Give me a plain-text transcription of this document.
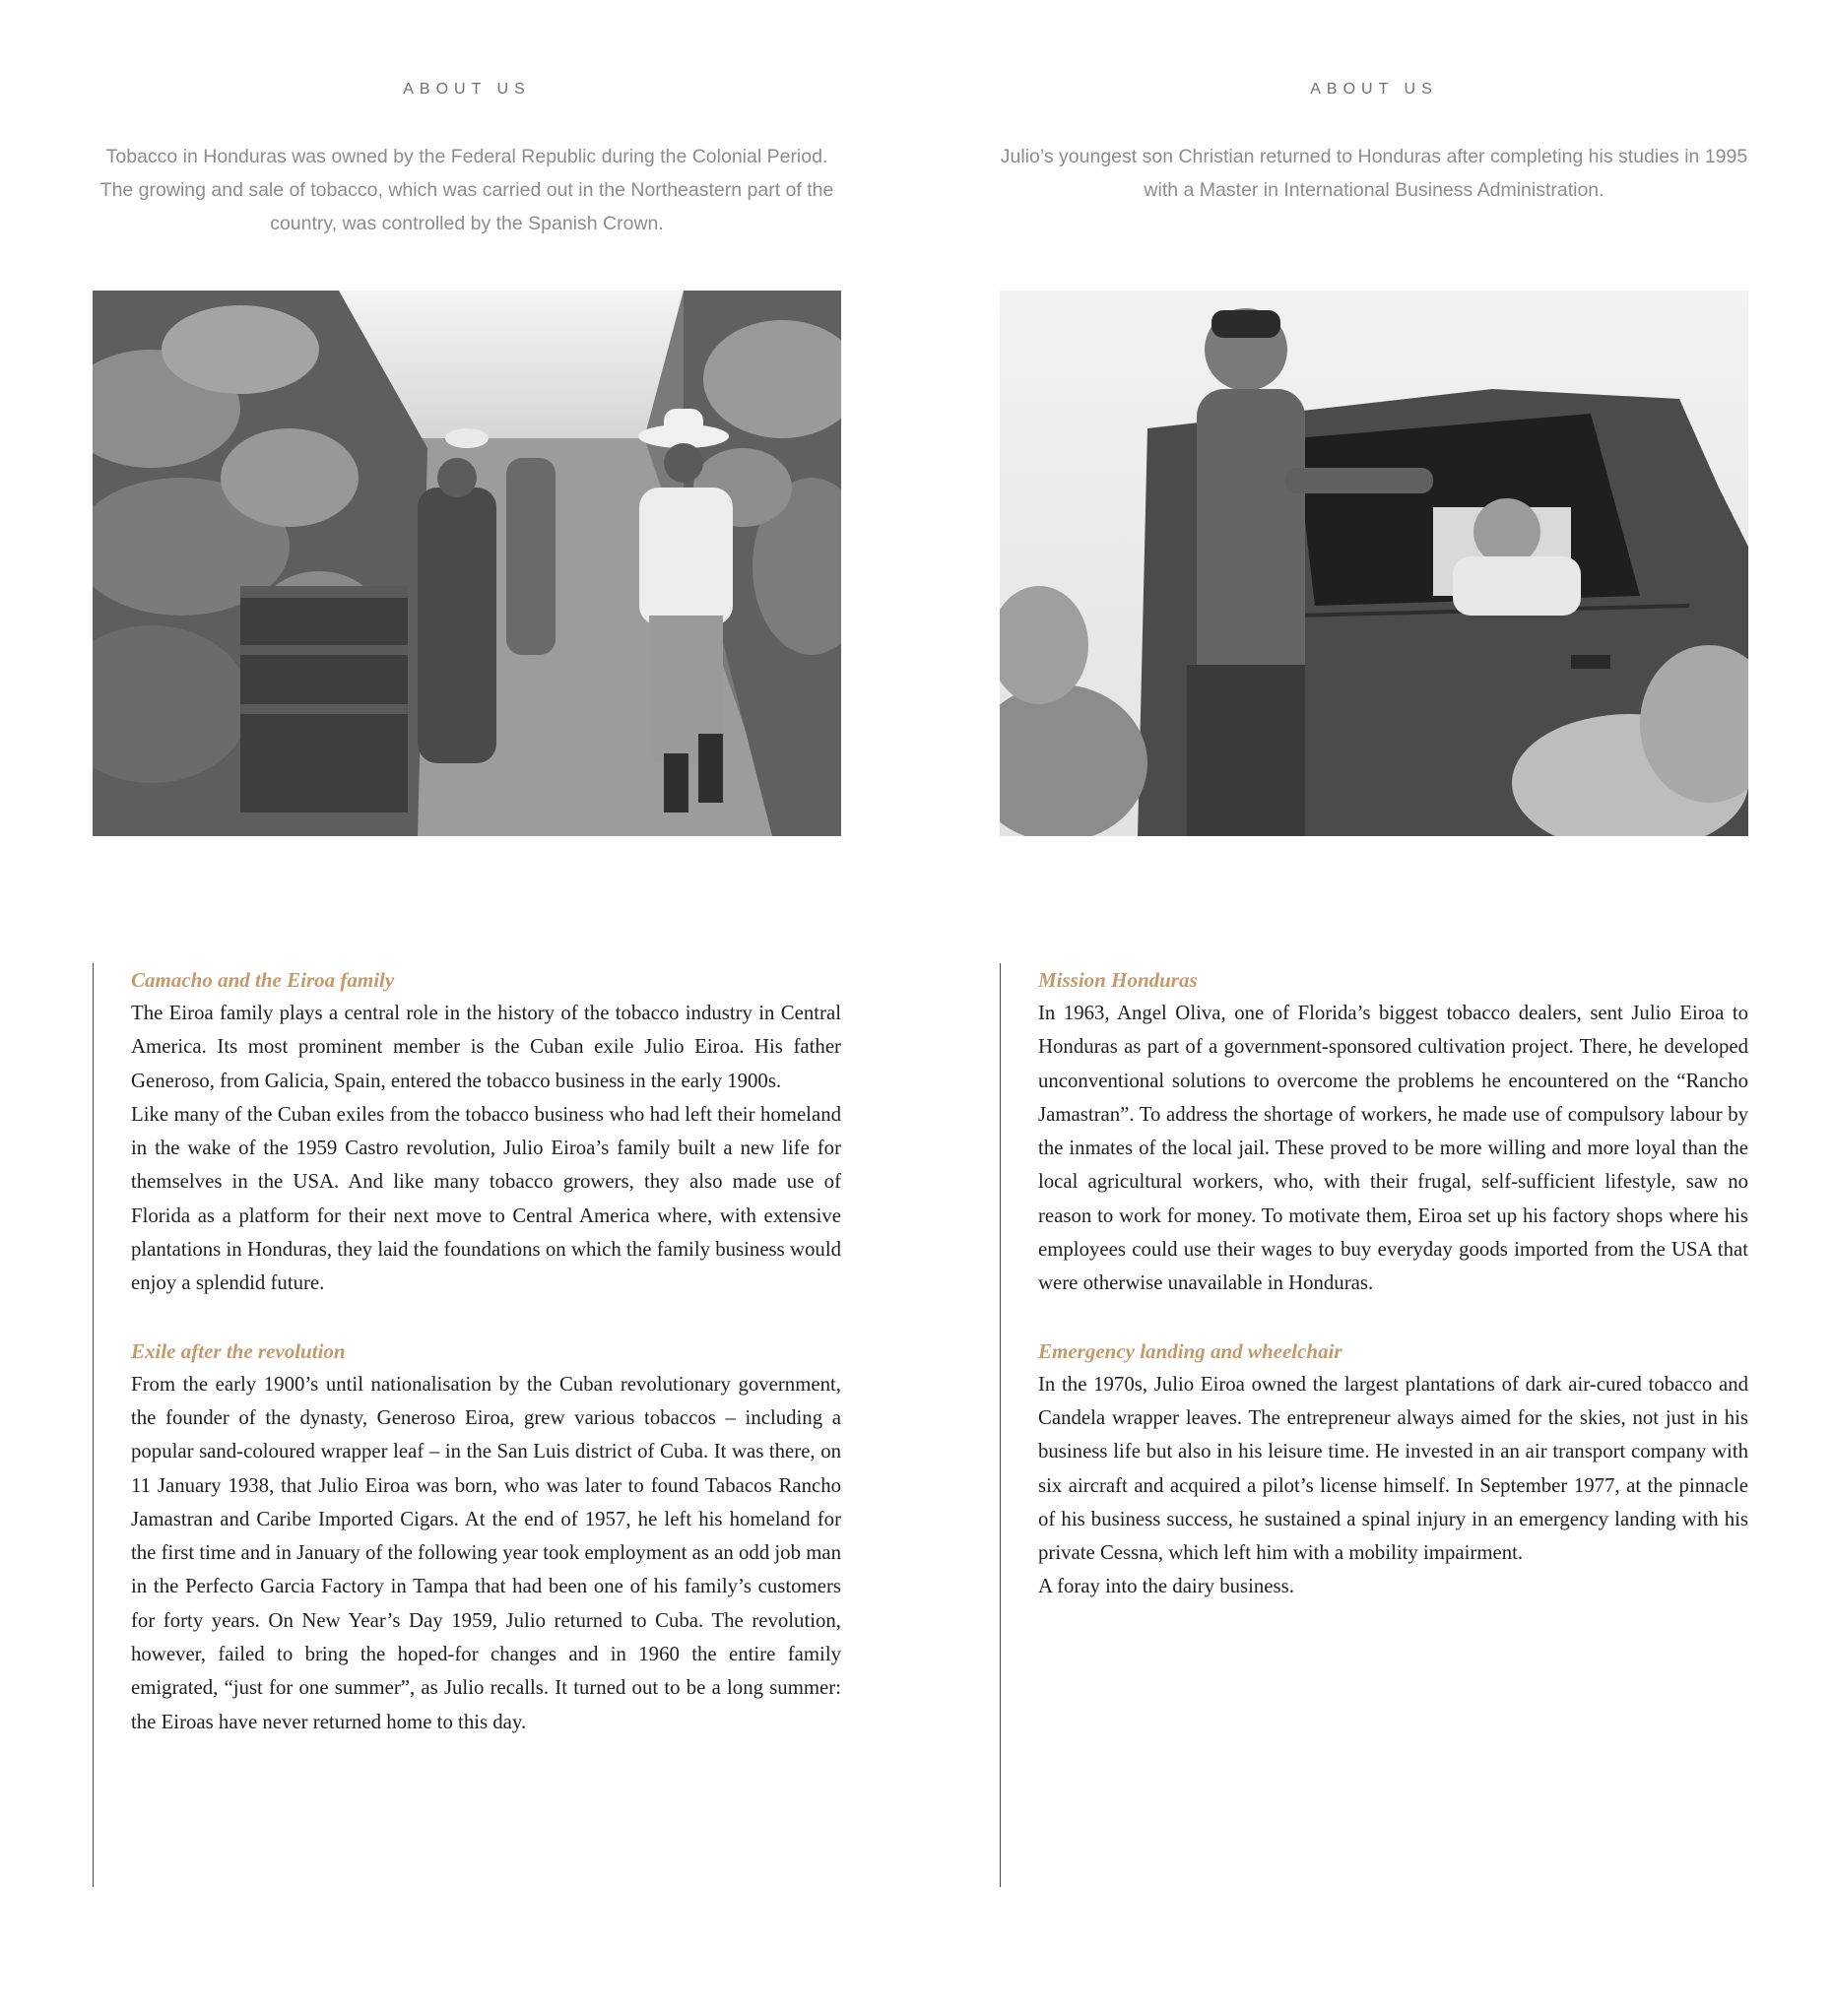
ABOUT US

Tobacco in Honduras was owned by the Federal Republic during the Colonial Period. The growing and sale of tobacco, which was carried out in the Northeastern part of the country, was controlled by the Spanish Crown.

Camacho and the Eiroa family

The Eiroa family plays a central role in the history of the tobacco industry in Central America. Its most prominent member is the Cuban exile Julio Eiroa. His father Generoso, from Galicia, Spain, entered the tobacco business in the early 1900s.

Like many of the Cuban exiles from the tobacco business who had left their homeland in the wake of the 1959 Castro revolution, Julio Eiroa’s family built a new life for themselves in the USA. And like many tobacco growers, they also made use of Florida as a platform for their next move to Central America where, with extensive plantations in Honduras, they laid the foundations on which the family business would enjoy a splendid future.

Exile after the revolution

From the early 1900’s until nationalisation by the Cuban revolutionary government, the founder of the dynasty, Generoso Eiroa, grew various tobaccos – including a popular sand-coloured wrapper leaf – in the San Luis district of Cuba. It was there, on 11 January 1938, that Julio Eiroa was born, who was later to found Tabacos Rancho Jamastran and Caribe Imported Cigars. At the end of 1957, he left his homeland for the first time and in January of the following year took employment as an odd job man in the Perfecto Garcia Factory in Tampa that had been one of his family’s customers for forty years. On New Year’s Day 1959, Julio returned to Cuba. The revolution, however, failed to bring the hoped-for changes and in 1960 the entire family emigrated, “just for one summer”, as Julio recalls. It turned out to be a long summer: the Eiroas have never returned home to this day.

ABOUT US

Julio’s youngest son Christian returned to Honduras after completing his studies in 1995 with a Master in International Business Administration.

Mission Honduras

In 1963, Angel Oliva, one of Florida’s biggest tobacco dealers, sent Julio Eiroa to Honduras as part of a government-sponsored cultivation project. There, he developed unconventional solutions to overcome the problems he encountered on the “Rancho Jamastran”. To address the shortage of workers, he made use of compulsory labour by the inmates of the local jail. These proved to be more willing and more loyal than the local agricultural workers, who, with their frugal, self-sufficient lifestyle, saw no reason to work for money. To motivate them, Eiroa set up his factory shops where his employees could use their wages to buy everyday goods imported from the USA that were otherwise unavailable in Honduras.

Emergency landing and wheelchair

In the 1970s, Julio Eiroa owned the largest plantations of dark air-cured tobacco and Candela wrapper leaves. The entrepreneur always aimed for the skies, not just in his business life but also in his leisure time. He invested in an air transport company with six aircraft and acquired a pilot’s license himself. In September 1977, at the pinnacle of his business success, he sustained a spinal injury in an emergency landing with his private Cessna, which left him with a mobility impairment.

A foray into the dairy business.
